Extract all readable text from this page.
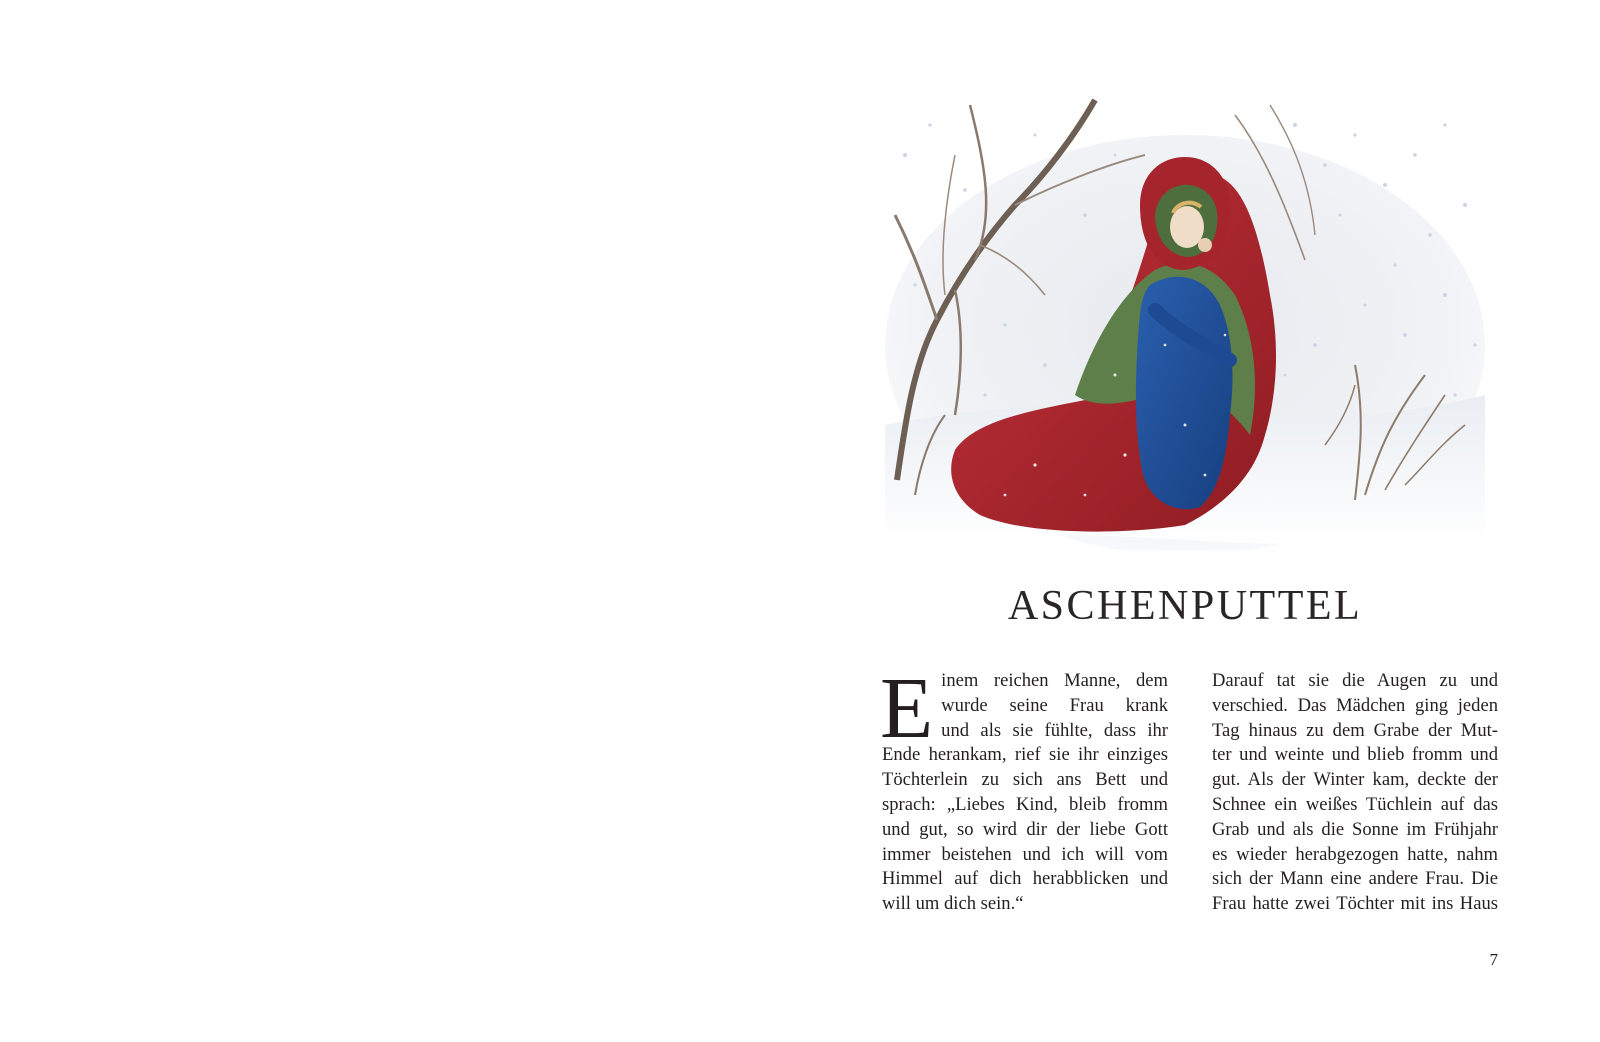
ASCHENPUTTEL
E inem reichen Manne, dem
wurde seine Frau krank
und als sie fühlte, dass ihr
Ende herankam, rief sie ihr einziges
Töchterlein zu sich ans Bett und
sprach: „Liebes Kind, bleib fromm
und gut, so wird dir der liebe Gott
immer beistehen und ich will vom
Himmel auf dich herabblicken und
will um dich sein.“
Darauf tat sie die Augen zu und
verschied. Das Mädchen ging jeden
Tag hinaus zu dem Grabe der Mut-
ter und weinte und blieb fromm und
gut. Als der Winter kam, deckte der
Schnee ein weißes Tüchlein auf das
Grab und als die Sonne im Frühjahr
es wieder herabgezogen hatte, nahm
sich der Mann eine andere Frau. Die
Frau hatte zwei Töchter mit ins Haus
7
